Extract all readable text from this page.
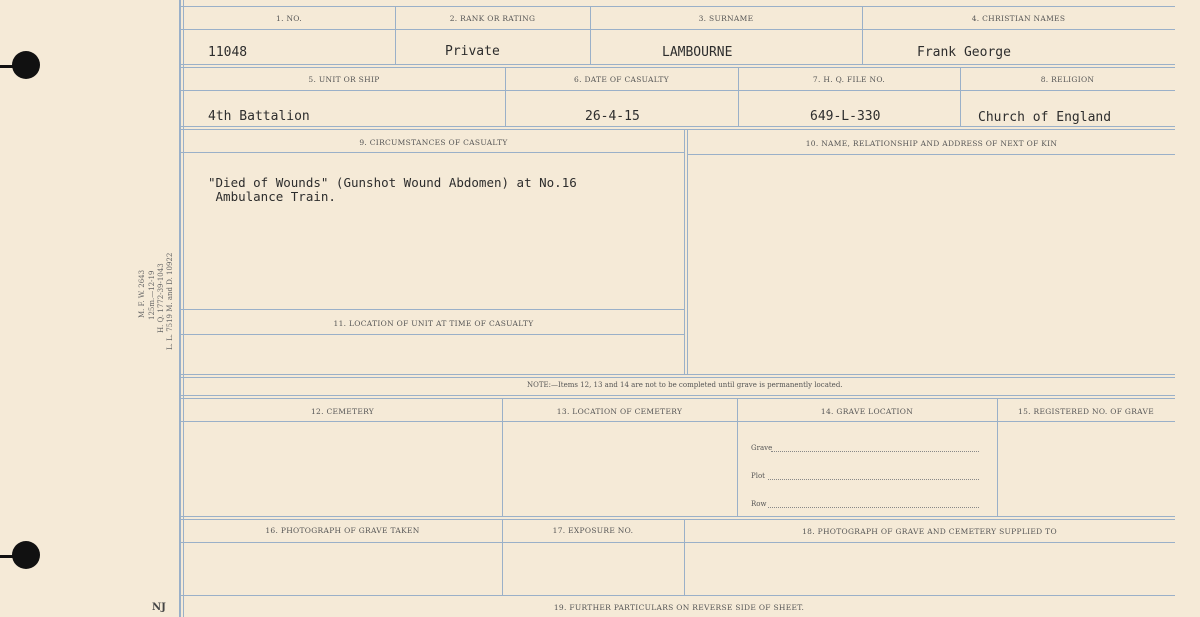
M. F. W. 2643 125m.—12-19 H. Q. 1772-39-1043 L. L. 7519 M. and D. 10922
NJ
1. NO.	2. RANK OR RATING	3. SURNAME	4. CHRISTIAN NAMES
11048	Private	LAMBOURNE	Frank George
5. UNIT OR SHIP	6. DATE OF CASUALTY	7. H. Q. FILE NO.	8. RELIGION
4th Battalion	26-4-15	649-L-330	Church of England
9. CIRCUMSTANCES OF CASUALTY	10. NAME, RELATIONSHIP AND ADDRESS OF NEXT OF KIN
"Died of Wounds" (Gunshot Wound Abdomen) at No.16
Ambulance Train.
11. LOCATION OF UNIT AT TIME OF CASUALTY
NOTE:—Items 12, 13 and 14 are not to be completed until grave is permanently located.
12. CEMETERY	13. LOCATION OF CEMETERY	14. GRAVE LOCATION	15. REGISTERED NO. OF GRAVE
Grave
Plot
Row
16. PHOTOGRAPH OF GRAVE TAKEN	17. EXPOSURE NO.	18. PHOTOGRAPH OF GRAVE AND CEMETERY SUPPLIED TO
19. FURTHER PARTICULARS ON REVERSE SIDE OF SHEET.
